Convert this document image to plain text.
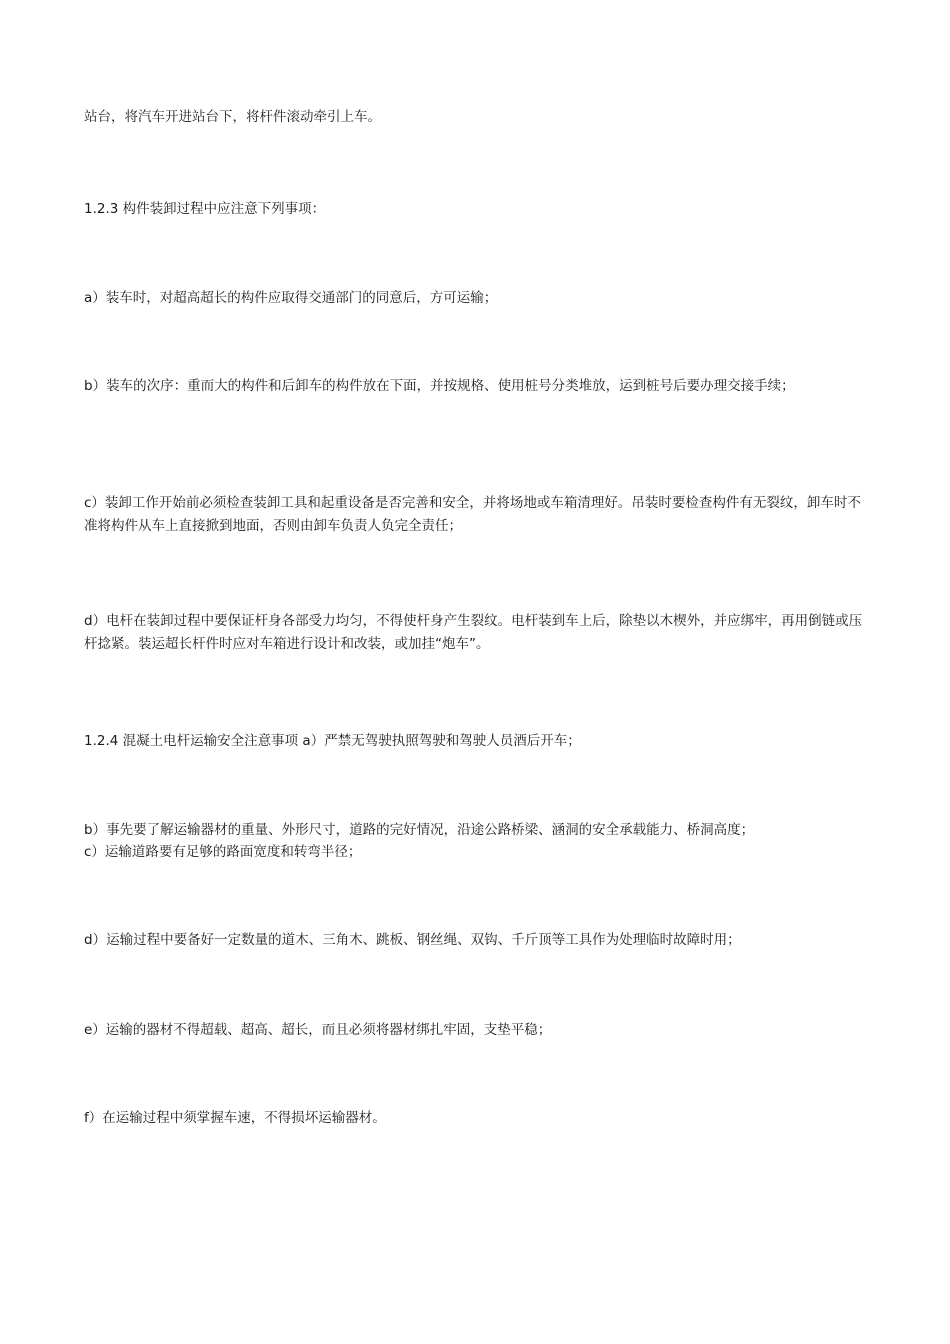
站台，将汽车开进站台下，将杆件滚动牵引上车。

1.2.3 构件装卸过程中应注意下列事项：

a）装车时，对超高超长的构件应取得交通部门的同意后，方可运输；

b）装车的次序：重而大的构件和后卸车的构件放在下面，并按规格、使用桩号分类堆放，运到桩号后要办理交接手续；

c）装卸工作开始前必须检查装卸工具和起重设备是否完善和安全，并将场地或车箱清理好。吊装时要检查构件有无裂纹，卸车时不准将构件从车上直接掀到地面，否则由卸车负责人负完全责任；

d）电杆在装卸过程中要保证杆身各部受力均匀，不得使杆身产生裂纹。电杆装到车上后，除垫以木楔外，并应绑牢，再用倒链或压杆捻紧。装运超长杆件时应对车箱进行设计和改装，或加挂“炮车”。

1.2.4 混凝土电杆运输安全注意事项 a）严禁无驾驶执照驾驶和驾驶人员酒后开车；

b）事先要了解运输器材的重量、外形尺寸，道路的完好情况，沿途公路桥梁、涵洞的安全承载能力、桥洞高度；

c）运输道路要有足够的路面宽度和转弯半径；

d）运输过程中要备好一定数量的道木、三角木、跳板、钢丝绳、双钩、千斤顶等工具作为处理临时故障时用；

e）运输的器材不得超载、超高、超长，而且必须将器材绑扎牢固，支垫平稳；

f）在运输过程中须掌握车速，不得损坏运输器材。
